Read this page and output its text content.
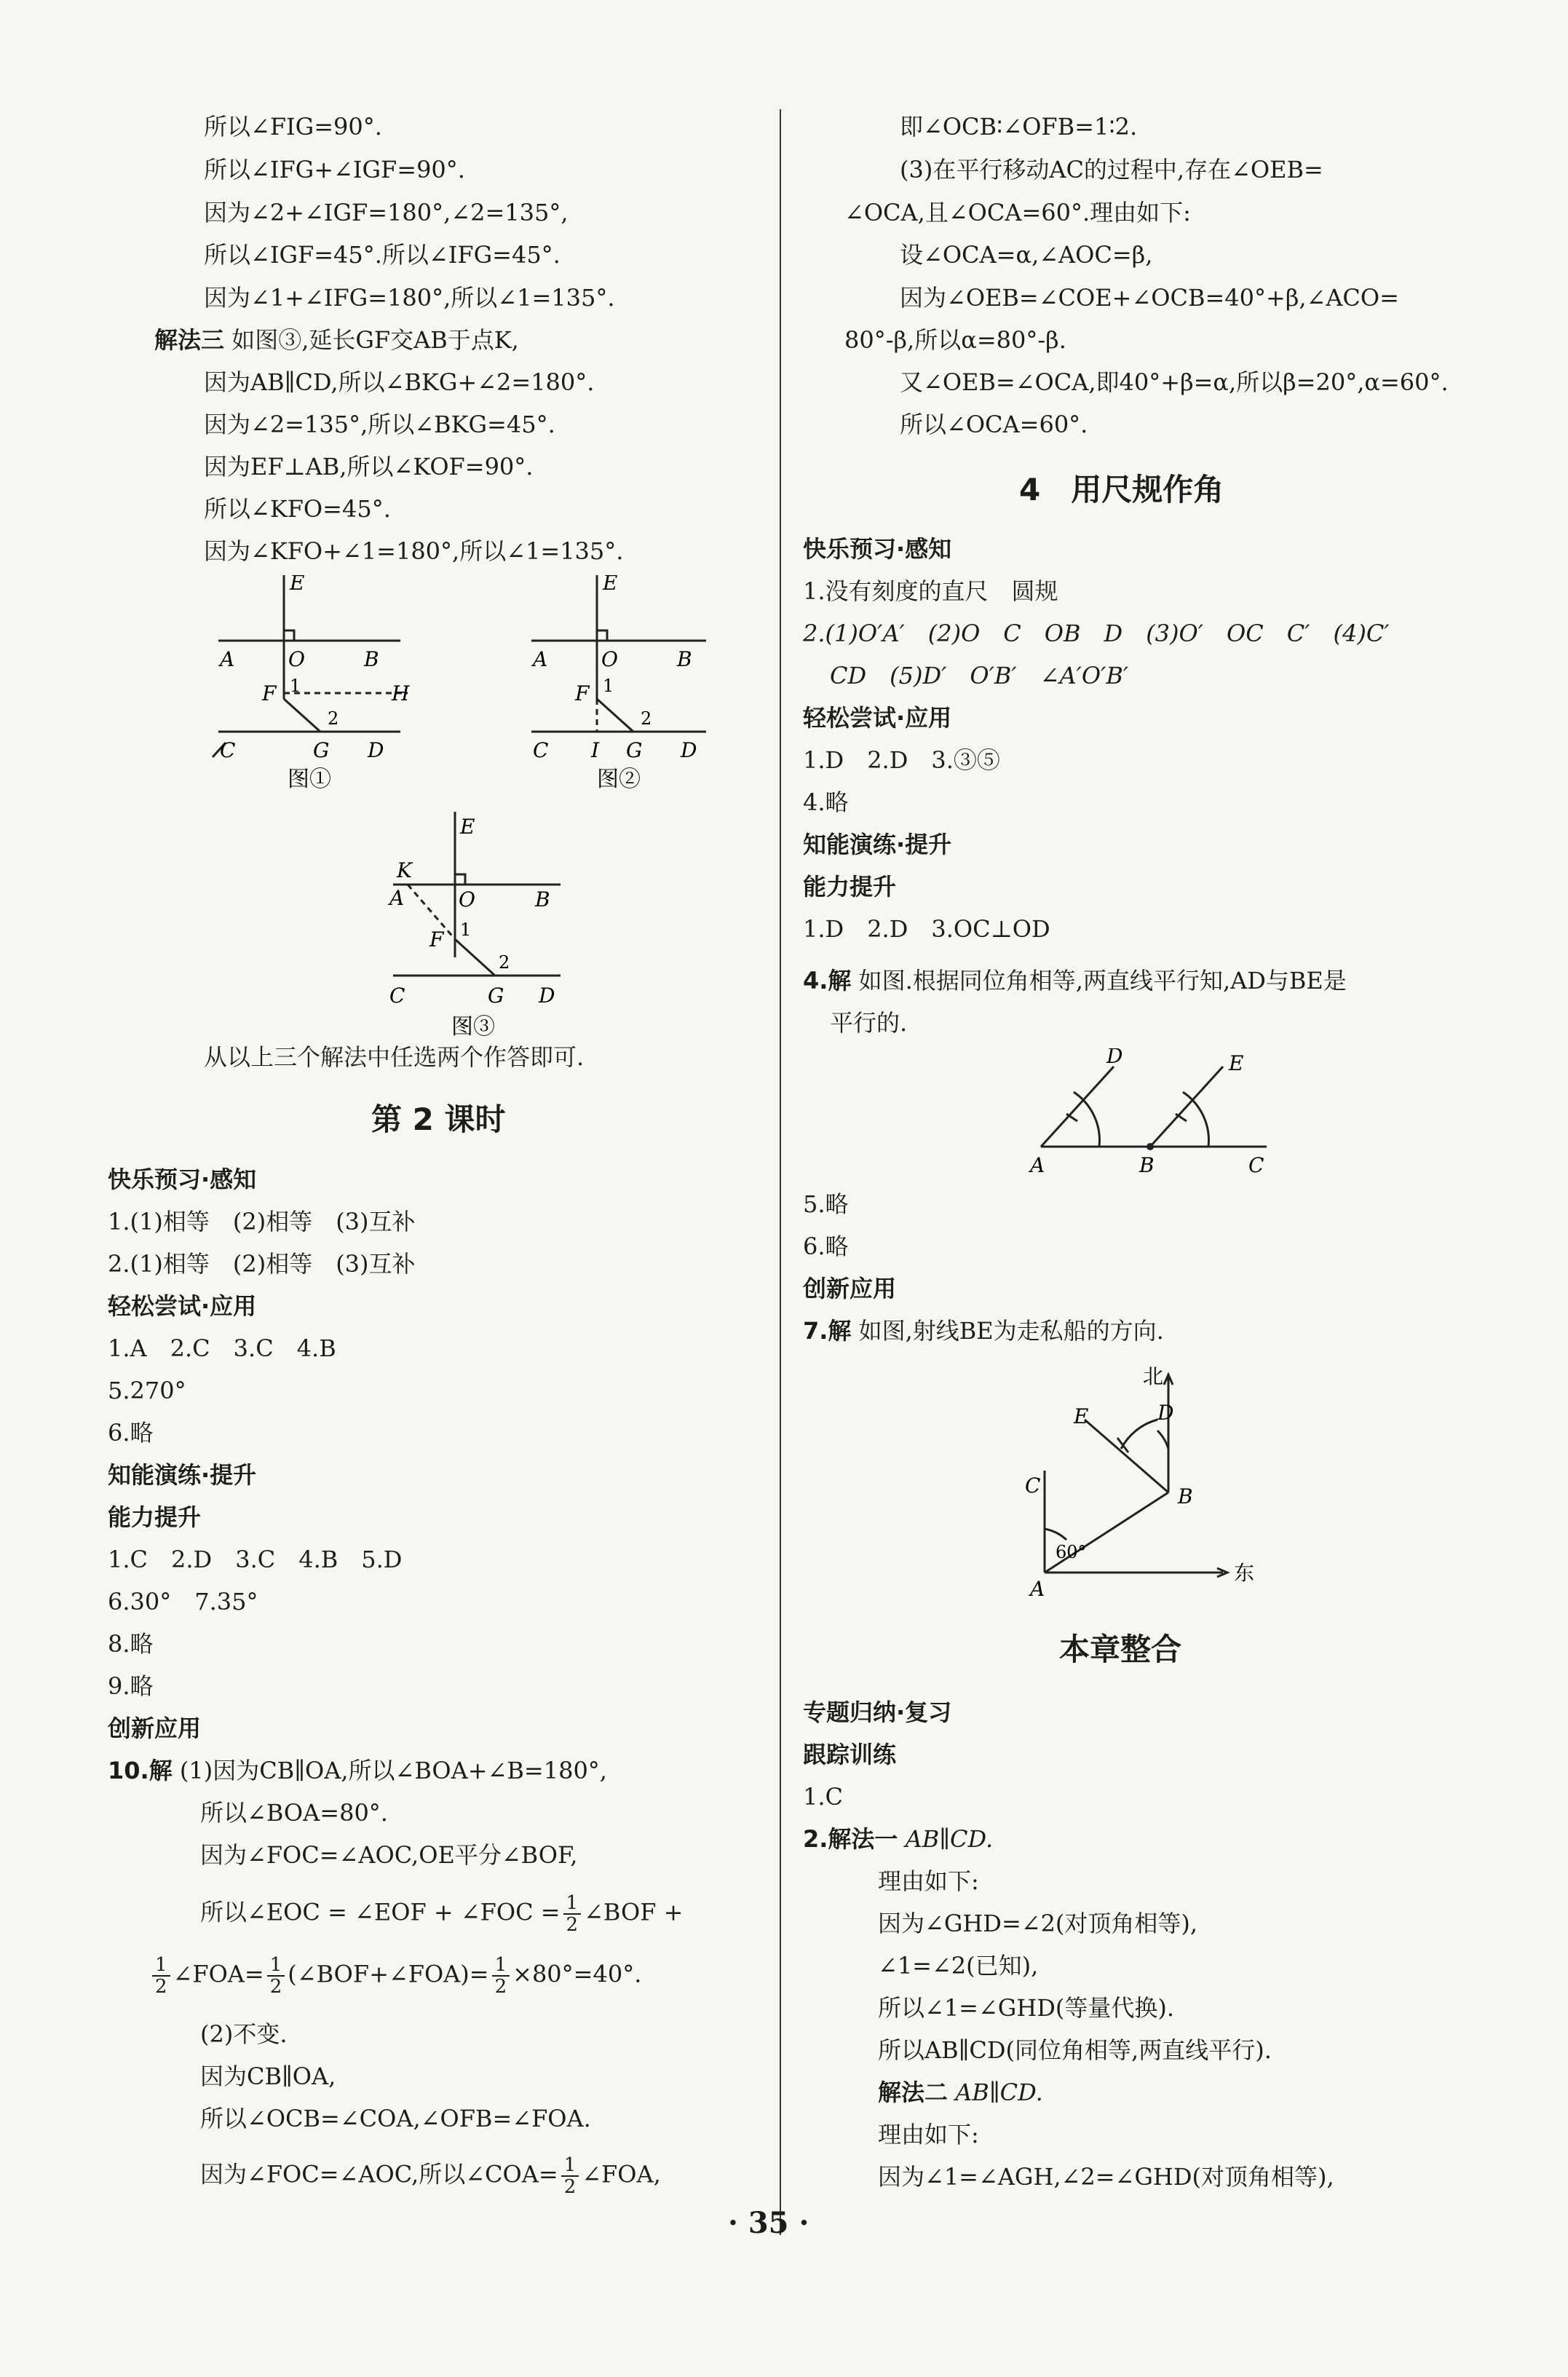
所以∠FIG=90°.
所以∠IFG+∠IGF=90°.
因为∠2+∠IGF=180°,∠2=135°,
所以∠IGF=45°.所以∠IFG=45°.
因为∠1+∠IFG=180°,所以∠1=135°.
解法三 如图③,延长GF交AB于点K,
因为AB∥CD,所以∠BKG+∠2=180°.
因为∠2=135°,所以∠BKG=45°.
因为EF⊥AB,所以∠KOF=90°.
所以∠KFO=45°.
因为∠KFO+∠1=180°,所以∠1=135°.
E
A	O	B
1
F	H
2
C	G D
图①
E
A	O	B
1
F
2
C I G D
图②
E
K
A	O	B
1
F
2
C	G D
图③
从以上三个解法中任选两个作答即可.
第 2 课时
快乐预习·感知
1.(1)相等　(2)相等　(3)互补
2.(1)相等　(2)相等　(3)互补
轻松尝试·应用
1.A　2.C　3.C　4.B
5.270°
6.略
知能演练·提升
能力提升
1.C　2.D　3.C　4.B　5.D
6.30°　7.35°
8.略
9.略
创新应用
10.解 (1)因为CB∥OA,所以∠BOA+∠B=180°,
所以∠BOA=80°.
因为∠FOC=∠AOC,OE平分∠BOF,
所以∠EOC = ∠EOF + ∠FOC = $\frac{1}{2}$ ∠BOF +
$\frac{1}{2}$ ∠FOA= $\frac{1}{2}$ (∠BOF+∠FOA)= $\frac{1}{2} \times 80^\circ=40^\circ$.
(2)不变.
因为CB∥OA,
所以∠OCB=∠COA,∠OFB=∠FOA.
因为∠FOC=∠AOC,所以∠COA= $\frac{1}{2}$ ∠FOA,
即∠OCB∶∠OFB=1∶2.
(3)在平行移动AC的过程中,存在∠OEB=
∠OCA,且∠OCA=60°.理由如下:
设∠OCA=α,∠AOC=β,
因为∠OEB=∠COE+∠OCB=40°+β,∠ACO=
80°-β,所以α=80°-β.
又∠OEB=∠OCA,即40°+β=α,所以β=20°,α=60°.
所以∠OCA=60°.
4　用尺规作角
快乐预习·感知
1.没有刻度的直尺　圆规
2.(1)O′A′　(2)O　C　OB　D　(3)O′　OC　C′　(4)C′
CD　(5)D′　O′B′　∠A′O′B′
轻松尝试·应用
1.D　2.D　3.③⑤
4.略
知能演练·提升
能力提升
1.D　2.D　3.OC⊥OD
4.解 如图.根据同位角相等,两直线平行知,AD与BE是
平行的.
D	E
A	B	C
5.略
6.略
创新应用
7.解 如图,射线BE为走私船的方向.
北
D
E
C	B
60°
A
东
本章整合
专题归纳·复习
跟踪训练
1.C
2.解法一 AB∥CD.
理由如下:
因为∠GHD=∠2(对顶角相等),
∠1=∠2(已知),
所以∠1=∠GHD(等量代换).
所以AB∥CD(同位角相等,两直线平行).
解法二 AB∥CD.
理由如下:
因为∠1=∠AGH,∠2=∠GHD(对顶角相等),
· 35 ·
